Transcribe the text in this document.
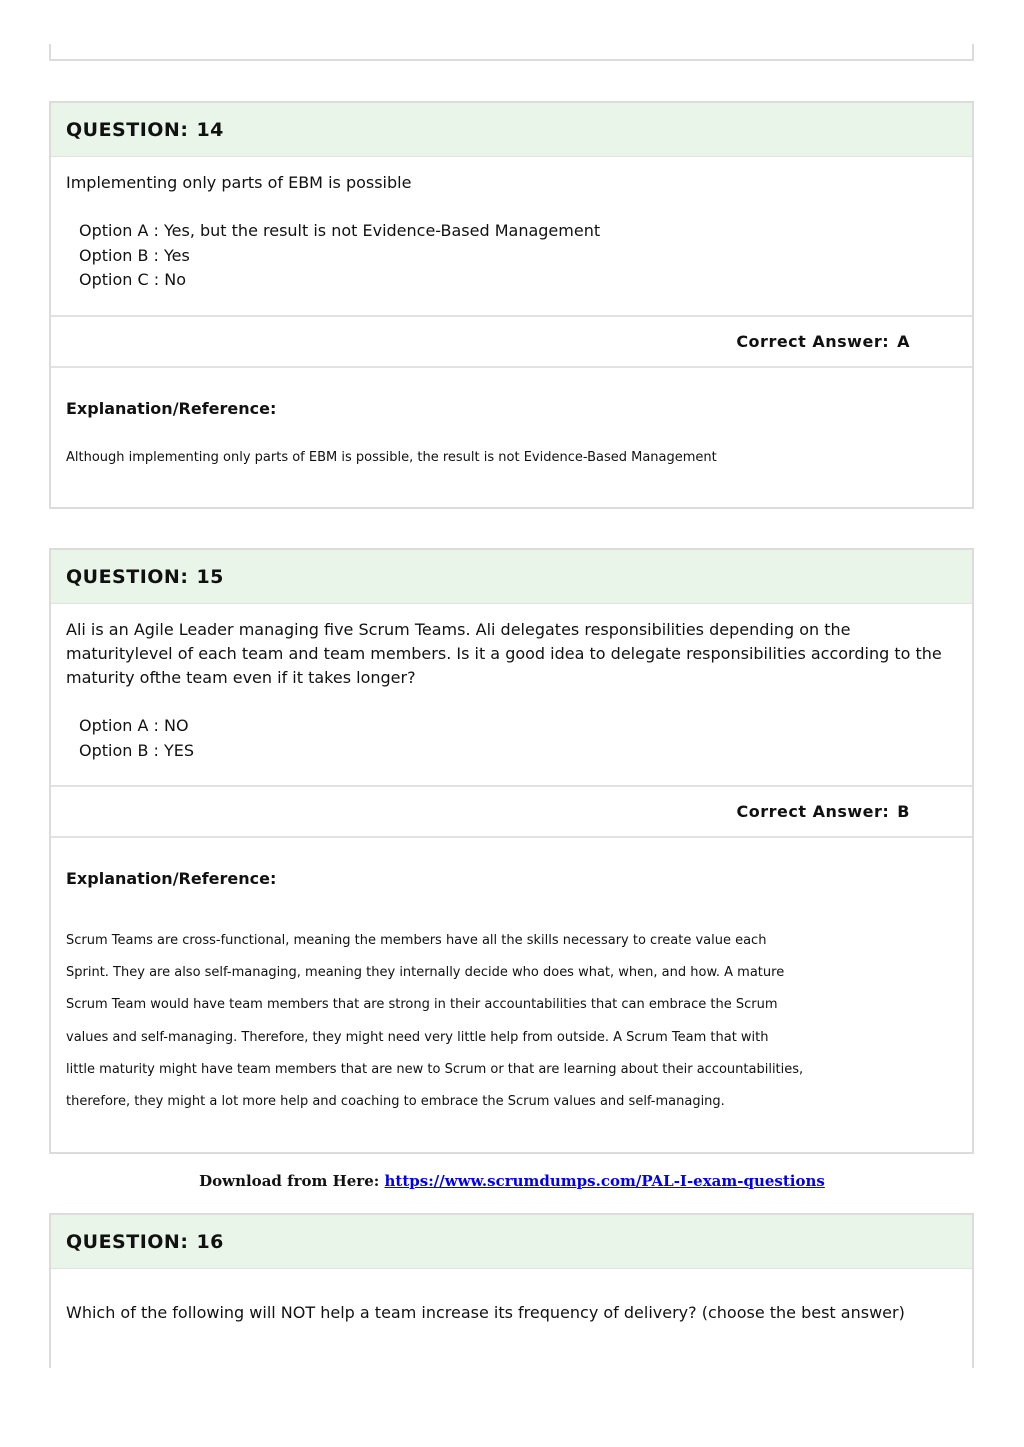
QUESTION: 14
Implementing only parts of EBM is possible
Option A : Yes, but the result is not Evidence-Based Management
Option B : Yes
Option C : No
Correct Answer: A
Explanation/Reference:
Although implementing only parts of EBM is possible, the result is not Evidence-Based Management
QUESTION: 15
Ali is an Agile Leader managing five Scrum Teams. Ali delegates responsibilities depending on the
maturitylevel of each team and team members. Is it a good idea to delegate responsibilities according to the
maturity ofthe team even if it takes longer?
Option A : NO
Option B : YES
Correct Answer: B
Explanation/Reference:
Scrum Teams are cross-functional, meaning the members have all the skills necessary to create value each
Sprint. They are also self-managing, meaning they internally decide who does what, when, and how. A mature
Scrum Team would have team members that are strong in their accountabilities that can embrace the Scrum
values and self-managing. Therefore, they might need very little help from outside. A Scrum Team that with
little maturity might have team members that are new to Scrum or that are learning about their accountabilities,
therefore, they might a lot more help and coaching to embrace the Scrum values and self-managing.
Download from Here: https://www.scrumdumps.com/PAL-I-exam-questions
QUESTION: 16
Which of the following will NOT help a team increase its frequency of delivery? (choose the best answer)
